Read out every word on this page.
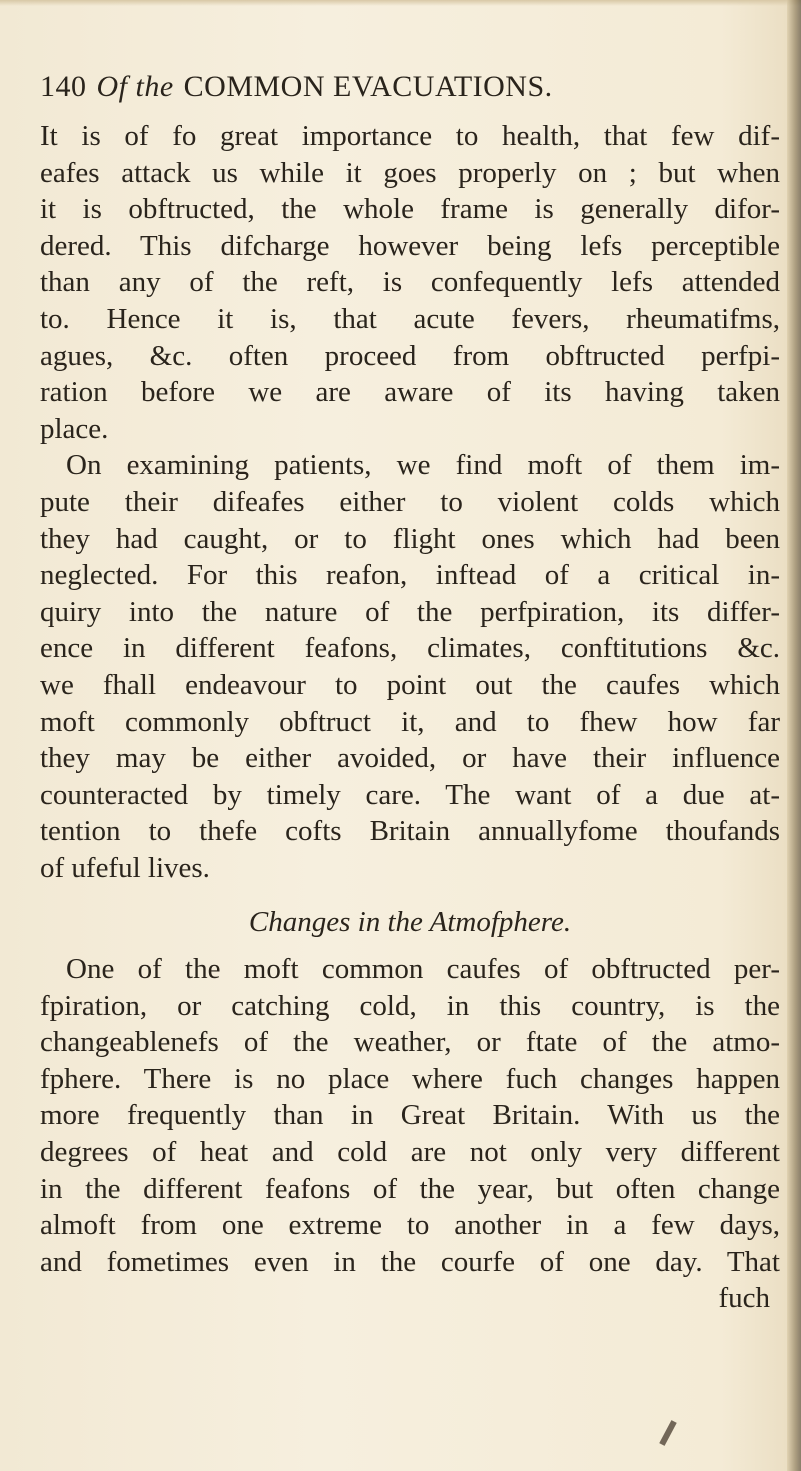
140 Of the COMMON EVACUATIONS.
It is of fo great importance to health, that few dif-
eafes attack us while it goes properly on ; but when
it is obftructed, the whole frame is generally difor-
dered. This difcharge however being lefs perceptible
than any of the reft, is confequently lefs attended
to. Hence it is, that acute fevers, rheumatifms,
agues, &c. often proceed from obftructed perfpi-
ration before we are aware of its having taken
place.
On examining patients, we find moft of them im-
pute their difeafes either to violent colds which
they had caught, or to flight ones which had been
neglected. For this reafon, inftead of a critical in-
quiry into the nature of the perfpiration, its differ-
ence in different feafons, climates, conftitutions &c.
we fhall endeavour to point out the caufes which
moft commonly obftruct it, and to fhew how far
they may be either avoided, or have their influence
counteracted by timely care. The want of a due at-
tention to thefe cofts Britain annuallyfome thoufands
of ufeful lives.
Changes in the Atmofphere.
One of the moft common caufes of obftructed per-
fpiration, or catching cold, in this country, is the
changeablenefs of the weather, or ftate of the atmo-
fphere. There is no place where fuch changes happen
more frequently than in Great Britain. With us the
degrees of heat and cold are not only very different
in the different feafons of the year, but often change
almoft from one extreme to another in a few days,
and fometimes even in the courfe of one day. That
fuch
